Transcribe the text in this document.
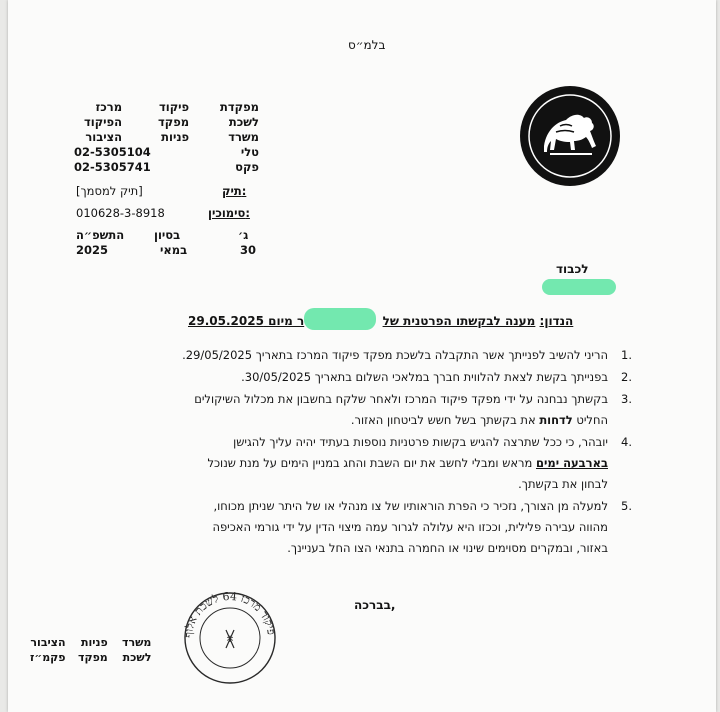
בלמ״ס
מפקדת
לשכת
משרד
טלי
פקס
פיקוד
מפקד
פניות
מרכז
הפיקוד
הציבור
02-5305104
02-5305741
תיק:
[תיק למסמך]
סימוכין:
010628-3-8918
ג׳
בסיון
התשפ״ה
30
במאי
2025
לכבוד
הנדון: מענה לבקשתו הפרטנית של  ר מיום 29.05.2025
.1
הריני להשיב לפנייתך אשר התקבלה בלשכת מפקד פיקוד המרכז בתאריך 29/05/2025.
.2
בפנייתך בקשת לצאת להלווית חברך במלאכי השלום בתאריך 30/05/2025.
.3
בקשתך נבחנה על ידי מפקד פיקוד המרכז ולאחר שלקח בחשבון את מכלול השיקולים
החליט לדחות את בקשתך בשל חשש לביטחון האזור.
.4
יובהר, כי ככל שתרצה להגיש בקשות פרטניות נוספות בעתיד יהיה עליך להגישן
בארבעה ימים מראש ומבלי לחשב את יום השבת והחג במניין הימים על מנת שנוכל
לבחון את בקשתך.
.5
למעלה מן הצורך, נזכיר כי הפרת הוראותיו של צו מנהלי או של היתר שניתן מכוחו,
מהווה עבירה פלילית, וככזו היא עלולה לגרור עמה מיצוי הדין על ידי גורמי האכיפה
באזור, ובמקרים מסוימים שינוי או החמרה בתנאי הצו החל בעניינך.
בברכה,
משרד
לשכת
פניות
מפקד
הציבור
פקמ״ז
פיקוד מרכז 64 לשכת אלוף
*
